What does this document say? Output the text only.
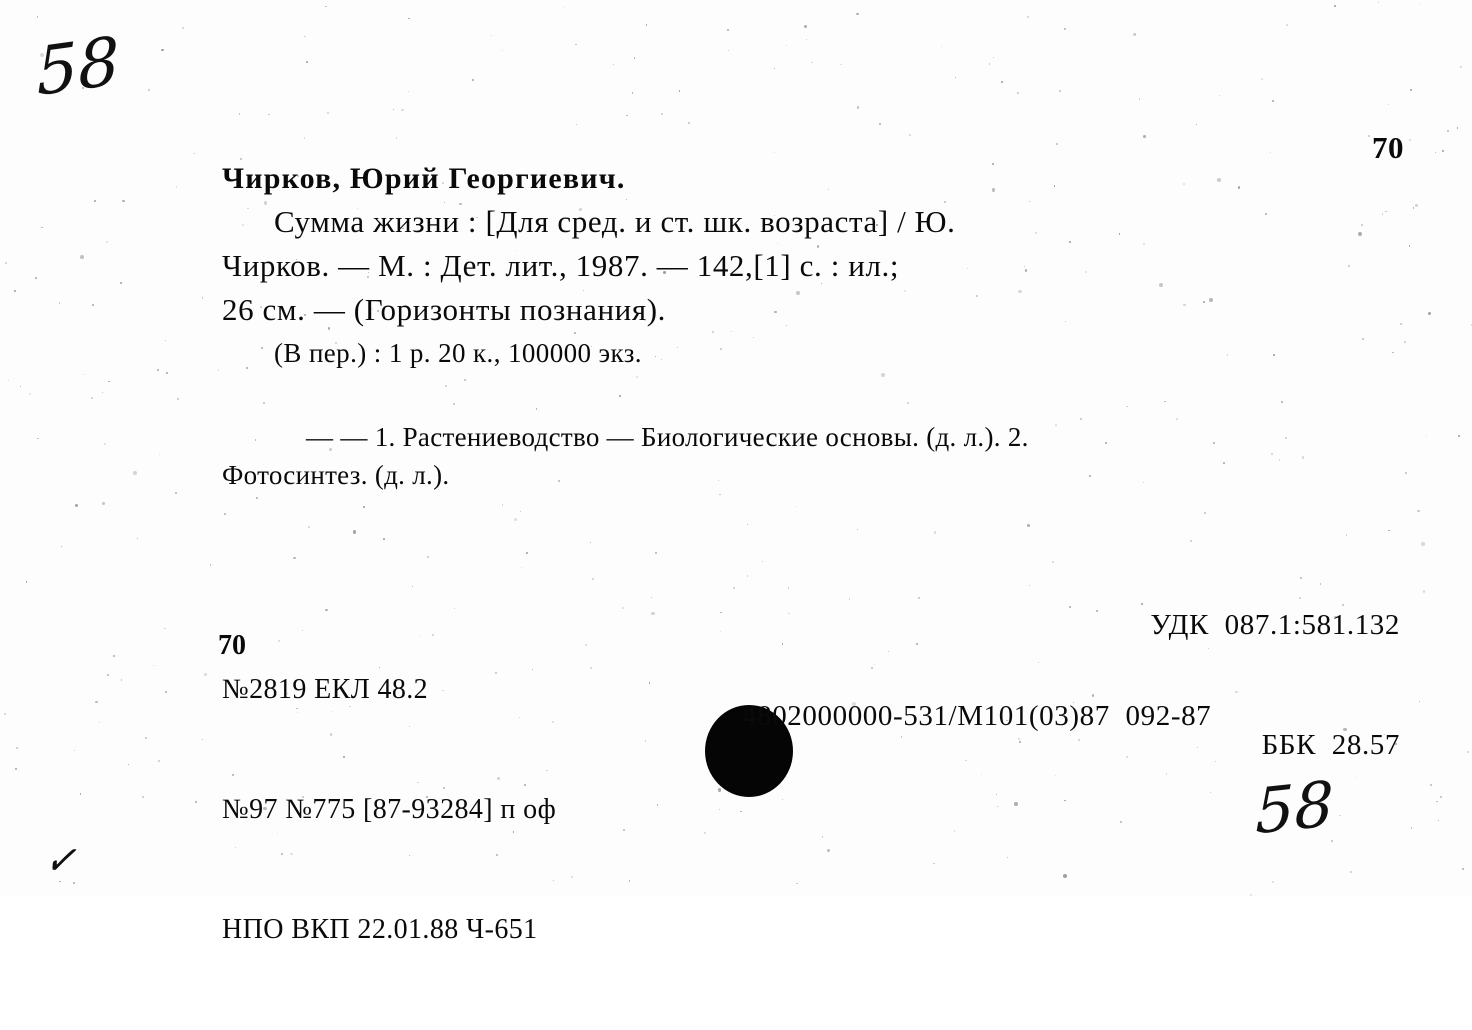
58
70
Чирков, Юрий Георгиевич.
Сумма жизни : [Для сред. и ст. шк. возраста] / Ю.
Чирков. — М. : Дет. лит., 1987. — 142,[1] с. : ил.;
26 см. — (Горизонты познания).
(В пер.) : 1 р. 20 к., 100000 экз.
— — 1. Растениеводство — Биологические основы. (д. л.). 2.
Фотосинтез. (д. л.).

УДК 087.1:581.132

ББК 28.57

№2819 ЕКЛ 48.2

№97 №775 [87-93284] п оф

НПО ВКП 22.01.88 Ч-651

70
4802000000-531/М101(03)87  092-87
58
✓
